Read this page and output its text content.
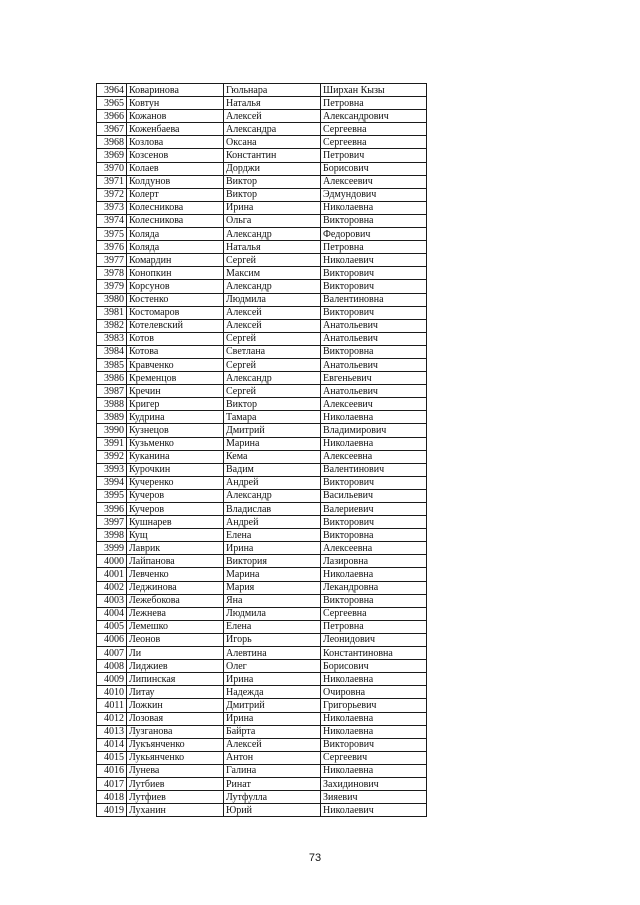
3964	Коваринова	Гюльнара	Ширхан Кызы
3965	Ковтун	Наталья	Петровна
3966	Кожанов	Алексей	Александрович
3967	Коженбаева	Александра	Сергеевна
3968	Козлова	Оксана	Сергеевна
3969	Козсенов	Константин	Петрович
3970	Колаев	Дорджи	Борисович
3971	Колдунов	Виктор	Алексеевич
3972	Колерт	Виктор	Эдмундович
3973	Колесникова	Ирина	Николаевна
3974	Колесникова	Ольга	Викторовна
3975	Коляда	Александр	Федорович
3976	Коляда	Наталья	Петровна
3977	Комардин	Сергей	Николаевич
3978	Конопкин	Максим	Викторович
3979	Корсунов	Александр	Викторович
3980	Костенко	Людмила	Валентиновна
3981	Костомаров	Алексей	Викторович
3982	Котелевский	Алексей	Анатольевич
3983	Котов	Сергей	Анатольевич
3984	Котова	Светлана	Викторовна
3985	Кравченко	Сергей	Анатольевич
3986	Кременцов	Александр	Евгеньевич
3987	Кречин	Сергей	Анатольевич
3988	Кригер	Виктор	Алексеевич
3989	Кудрина	Тамара	Николаевна
3990	Кузнецов	Дмитрий	Владимирович
3991	Кузьменко	Марина	Николаевна
3992	Куканина	Кема	Алексеевна
3993	Курочкин	Вадим	Валентинович
3994	Кучеренко	Андрей	Викторович
3995	Кучеров	Александр	Васильевич
3996	Кучеров	Владислав	Валериевич
3997	Кушнарев	Андрей	Викторович
3998	Кущ	Елена	Викторовна
3999	Лаврик	Ирина	Алексеевна
4000	Лайпанова	Виктория	Лазировна
4001	Левченко	Марина	Николаевна
4002	Леджинова	Мария	Лекандровна
4003	Лежебокова	Яна	Викторовна
4004	Лежнева	Людмила	Сергеевна
4005	Лемешко	Елена	Петровна
4006	Леонов	Игорь	Леонидович
4007	Ли	Алевтина	Константиновна
4008	Лиджиев	Олег	Борисович
4009	Липинская	Ирина	Николаевна
4010	Литау	Надежда	Очировна
4011	Ложкин	Дмитрий	Григорьевич
4012	Лозовая	Ирина	Николаевна
4013	Лузганова	Байрта	Николаевна
4014	Лукъянченко	Алексей	Викторович
4015	Лукьянченко	Антон	Сергеевич
4016	Лунева	Галина	Николаевна
4017	Лутбиев	Ринат	Захидинович
4018	Лутфиев	Лутфулла	Зияевич
4019	Луханин	Юрий	Николаевич
73
